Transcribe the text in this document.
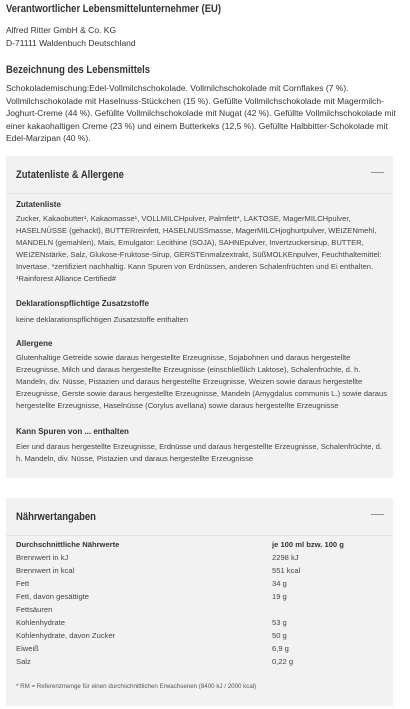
Verantwortlicher Lebensmittelunternehmer (EU)
Alfred Ritter GmbH & Co. KG
D-71111 Waldenbuch Deutschland
Bezeichnung des Lebensmittels
Schokolademischung:Edel-Vollmilchschokolade. Vollmilchschokolade mit Cornflakes (7 %). Vollmilchschokolade mit Haselnuss-Stückchen (15 %). Gefüllte Vollmilchschokolade mit Magermilch-Joghurt-Creme (44 %). Gefüllte Vollmilchschokolade mit Nugat (42 %). Gefüllte Vollmilchschokolade mit einer kakaohaltigen Creme (23 %) und einem Butterkeks (12,5 %). Gefüllte Halbbitter-Schokolade mit Edel-Marzipan (40 %).
Zutatenliste & Allergene	—
Zutatenliste
Zucker, Kakaobutter¹, Kakaomasse¹, VOLLMILCHpulver, Palmfett*, LAKTOSE, MagerMILCHpulver, HASELNÜSSE (gehackt), BUTTERreinfett, HASELNUSSmasse, MagerMILCHjoghurtpulver, WEIZENmehl, MANDELN (gemahlen), Mais, Emulgator: Lecithine (SOJA), SAHNEpulver, Invertzuckersirup, BUTTER, WEIZENstärke, Salz, Glukose-Fruktose-Sirup, GERSTEnmalzextrakt, SüßMOLKEnpulver, Feuchthaltemittel: Invertase. *zertifiziert nachhaltig. Kann Spuren von Erdnüssen, anderen Schalenfrüchten und Ei enthalten. ¹Rainforest Alliance Certified#
Deklarationspflichtige Zusatzstoffe
keine deklarationspflichtigen Zusatzstoffe enthalten
Allergene
Glutenhaltige Getreide sowie daraus hergestellte Erzeugnisse, Sojabohnen und daraus hergestellte Erzeugnisse, Milch und daraus hergestellte Erzeugnisse (einschließlich Laktose), Schalenfrüchte, d. h. Mandeln, div. Nüsse, Pistazien und daraus hergestellte Erzeugnisse, Weizen sowie daraus hergestellte Erzeugnisse, Gerste sowie daraus hergestellte Erzeugnisse, Mandeln (Amygdalus communis L.) sowie daraus hergestellte Erzeugnisse, Haselnüsse (Corylus avellana) sowie daraus hergestellte Erzeugnisse
Kann Spuren von ... enthalten
Eier und daraus hergestellte Erzeugnisse, Erdnüsse und daraus hergestellte Erzeugnisse, Schalenfrüchte, d. h. Mandeln, div. Nüsse, Pistazien und daraus hergestellte Erzeugnisse
Nährwertangaben	—
Durchschnittliche Nährwerte	je 100 ml bzw. 100 g
Brennwert in kJ	2298 kJ
Brennwert in kcal	551 kcal
Fett	34 g
Fett, davon gesättigte	19 g
Fettsäuren	
Kohlenhydrate	53 g
Kohlenhydrate, davon Zucker	50 g
Eiweiß	6,9 g
Salz	0,22 g
* RM = Referenzmenge für einen durchschnittlichen Erwachsenen (8400 kJ / 2000 kcal)
